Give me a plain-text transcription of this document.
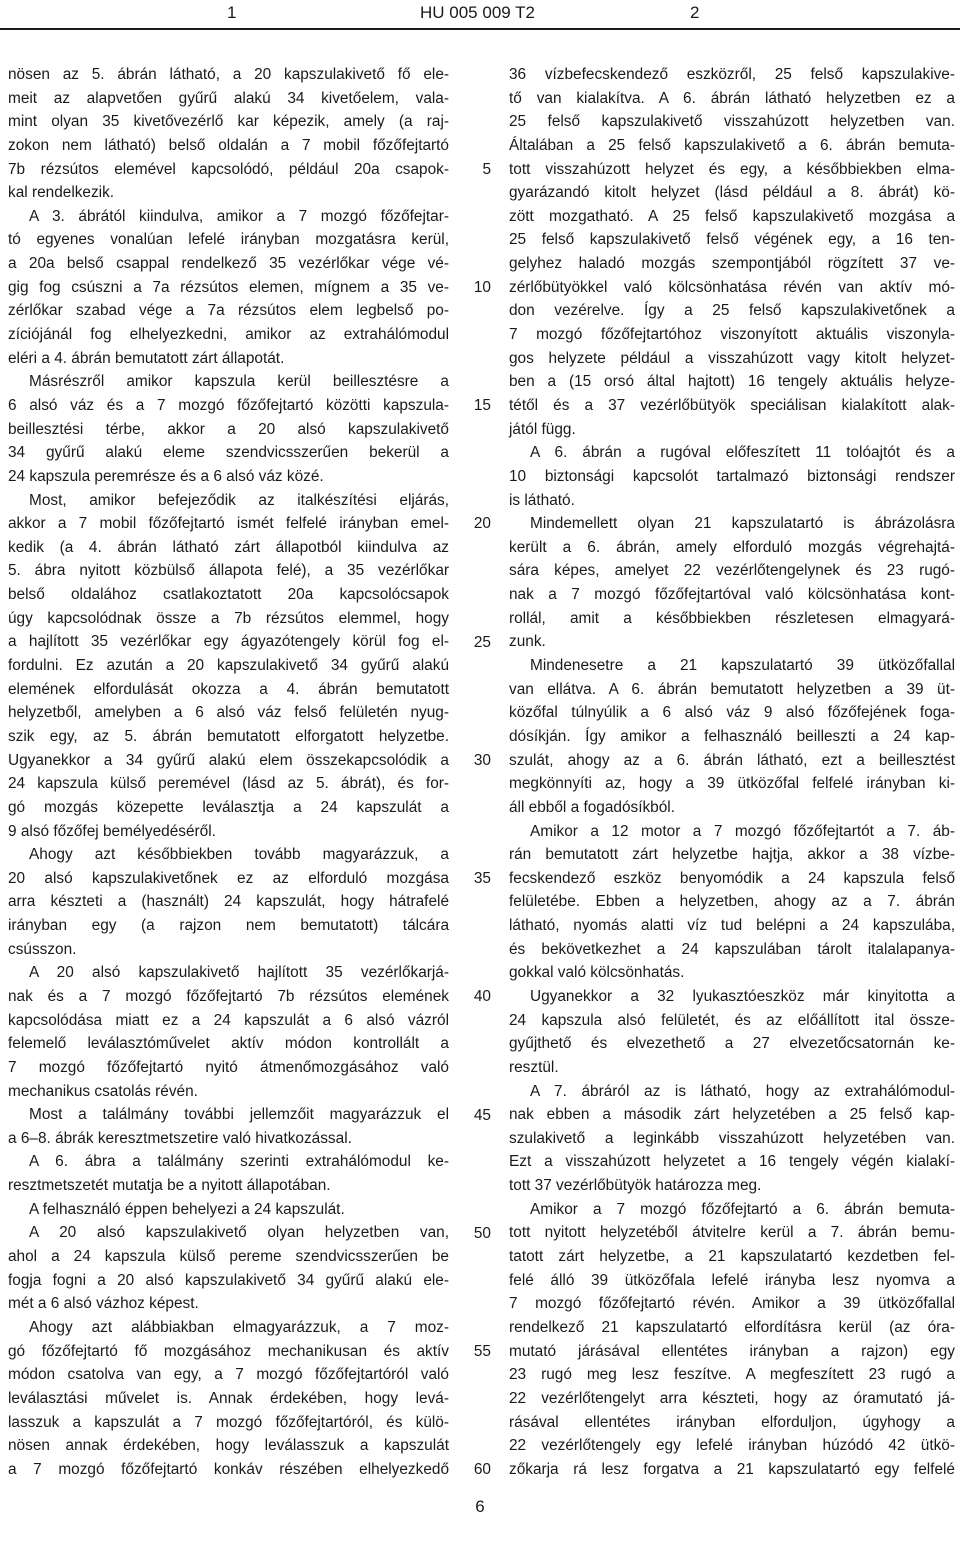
1	HU 005 009 T2	2
nösen az 5. ábrán látható, a 20 kapszulakivető fő ele-
meit az alapvetően gyűrű alakú 34 kivetőelem, vala-
mint olyan 35 kivetővezérlő kar képezik, amely (a raj-
zokon nem látható) belső oldalán a 7 mobil főzőfejtartó
7b rézsútos elemével kapcsolódó, például 20a csapok-
kal rendelkezik.
A 3. ábrától kiindulva, amikor a 7 mozgó főzőfejtar-
tó egyenes vonalúan lefelé irányban mozgatásra kerül,
a 20a belső csappal rendelkező 35 vezérlőkar vége vé-
gig fog csúszni a 7a rézsútos elemen, mígnem a 35 ve-
zérlőkar szabad vége a 7a rézsútos elem legbelső po-
zíciójánál fog elhelyezkedni, amikor az extrahálómodul
eléri a 4. ábrán bemutatott zárt állapotát.
Másrészről amikor kapszula kerül beillesztésre a
6 alsó váz és a 7 mozgó főzőfejtartó közötti kapszula-
beillesztési térbe, akkor a 20 alsó kapszulakivető
34 gyűrű alakú eleme szendvicsszerűen bekerül a
24 kapszula peremrésze és a 6 alsó váz közé.
Most, amikor befejeződik az italkészítési eljárás,
akkor a 7 mobil főzőfejtartó ismét felfelé irányban emel-
kedik (a 4. ábrán látható zárt állapotból kiindulva az
5. ábra nyitott közbülső állapota felé), a 35 vezérlőkar
belső oldalához csatlakoztatott 20a kapcsolócsapok
úgy kapcsolódnak össze a 7b rézsútos elemmel, hogy
a hajlított 35 vezérlőkar egy ágyazótengely körül fog el-
fordulni. Ez azután a 20 kapszulakivető 34 gyűrű alakú
elemének elfordulását okozza a 4. ábrán bemutatott
helyzetből, amelyben a 6 alsó váz felső felületén nyug-
szik egy, az 5. ábrán bemutatott elforgatott helyzetbe.
Ugyanekkor a 34 gyűrű alakú elem összekapcsolódik a
24 kapszula külső peremével (lásd az 5. ábrát), és for-
gó mozgás közepette leválasztja a 24 kapszulát a
9 alsó főzőfej bemélyedéséről.
Ahogy azt későbbiekben tovább magyarázzuk, a
20 alsó kapszulakivetőnek ez az elforduló mozgása
arra készteti a (használt) 24 kapszulát, hogy hátrafelé
irányban egy (a rajzon nem bemutatott) tálcára
csússzon.
A 20 alsó kapszulakivető hajlított 35 vezérlőkarjá-
nak és a 7 mozgó főzőfejtartó 7b rézsútos elemének
kapcsolódása miatt ez a 24 kapszulát a 6 alsó vázról
felemelő leválasztóművelet aktív módon kontrollált a
7 mozgó főzőfejtartó nyitó átmenőmozgásához való
mechanikus csatolás révén.
Most a találmány további jellemzőit magyarázzuk el
a 6–8. ábrák keresztmetszetire való hivatkozással.
A 6. ábra a találmány szerinti extrahálómodul ke-
resztmetszetét mutatja be a nyitott állapotában.
A felhasználó éppen behelyezi a 24 kapszulát.
A 20 alsó kapszulakivető olyan helyzetben van,
ahol a 24 kapszula külső pereme szendvicsszerűen be
fogja fogni a 20 alsó kapszulakivető 34 gyűrű alakú ele-
mét a 6 alsó vázhoz képest.
Ahogy azt alábbiakban elmagyarázzuk, a 7 moz-
gó főzőfejtartó fő mozgásához mechanikusan és aktív
módon csatolva van egy, a 7 mozgó főzőfejtartóról való
leválasztási művelet is. Annak érdekében, hogy levá-
lasszuk a kapszulát a 7 mozgó főzőfejtartóról, és külö-
nösen annak érdekében, hogy leválasszuk a kapszulát
a 7 mozgó főzőfejtartó konkáv részében elhelyezkedő
5
10
15
20
25
30
35
40
45
50
55
60
36 vízbefecskendező eszközről, 25 felső kapszulakive-
tő van kialakítva. A 6. ábrán látható helyzetben ez a
25 felső kapszulakivető visszahúzott helyzetben van.
Általában a 25 felső kapszulakivető a 6. ábrán bemuta-
tott visszahúzott helyzet és egy, a későbbiekben elma-
gyarázandó kitolt helyzet (lásd például a 8. ábrát) kö-
zött mozgatható. A 25 felső kapszulakivető mozgása a
25 felső kapszulakivető felső végének egy, a 16 ten-
gelyhez haladó mozgás szempontjából rögzített 37 ve-
zérlőbütyökkel való kölcsönhatása révén van aktív mó-
don vezérelve. Így a 25 felső kapszulakivetőnek a
7 mozgó főzőfejtartóhoz viszonyított aktuális viszonyla-
gos helyzete például a visszahúzott vagy kitolt helyzet-
ben a (15 orsó által hajtott) 16 tengely aktuális helyze-
tétől és a 37 vezérlőbütyök speciálisan kialakított alak-
jától függ.
A 6. ábrán a rugóval előfeszített 11 tolóajtót és a
10 biztonsági kapcsolót tartalmazó biztonsági rendszer
is látható.
Mindemellett olyan 21 kapszulatartó is ábrázolásra
került a 6. ábrán, amely elforduló mozgás végrehajtá-
sára képes, amelyet 22 vezérlőtengelynek és 23 rugó-
nak a 7 mozgó főzőfejtartóval való kölcsönhatása kont-
rollál, amit a későbbiekben részletesen elmagyará-
zunk.
Mindenesetre a 21 kapszulatartó 39 ütközőfallal
van ellátva. A 6. ábrán bemutatott helyzetben a 39 üt-
közőfal túlnyúlik a 6 alsó váz 9 alsó főzőfejének foga-
dósíkján. Így amikor a felhasználó beilleszti a 24 kap-
szulát, ahogy az a 6. ábrán látható, ezt a beillesztést
megkönnyíti az, hogy a 39 ütközőfal felfelé irányban ki-
áll ebből a fogadósíkból.
Amikor a 12 motor a 7 mozgó főzőfejtartót a 7. áb-
rán bemutatott zárt helyzetbe hajtja, akkor a 38 vízbe-
fecskendező eszköz benyomódik a 24 kapszula felső
felületébe. Ebben a helyzetben, ahogy az a 7. ábrán
látható, nyomás alatti víz tud belépni a 24 kapszulába,
és bekövetkezhet a 24 kapszulában tárolt italalapanya-
gokkal való kölcsönhatás.
Ugyanekkor a 32 lyukasztóeszköz már kinyitotta a
24 kapszula alsó felületét, és az előállított ital össze-
gyűjthető és elvezethető a 27 elvezetőcsatornán ke-
resztül.
A 7. ábráról az is látható, hogy az extrahálómodul-
nak ebben a második zárt helyzetében a 25 felső kap-
szulakivető a leginkább visszahúzott helyzetében van.
Ezt a visszahúzott helyzetet a 16 tengely végén kialakí-
tott 37 vezérlőbütyök határozza meg.
Amikor a 7 mozgó főzőfejtartó a 6. ábrán bemuta-
tott nyitott helyzetéből átvitelre kerül a 7. ábrán bemu-
tatott zárt helyzetbe, a 21 kapszulatartó kezdetben fel-
felé álló 39 ütközőfala lefelé irányba lesz nyomva a
7 mozgó főzőfejtartó révén. Amikor a 39 ütközőfallal
rendelkező 21 kapszulatartó elfordításra kerül (az óra-
mutató járásával ellentétes irányban a rajzon) egy
23 rugó meg lesz feszítve. A megfeszített 23 rugó a
22 vezérlőtengelyt arra készteti, hogy az óramutató já-
rásával ellentétes irányban elforduljon, úgyhogy a
22 vezérlőtengely egy lefelé irányban húzódó 42 ütkö-
zőkarja rá lesz forgatva a 21 kapszulatartó egy felfelé
6
